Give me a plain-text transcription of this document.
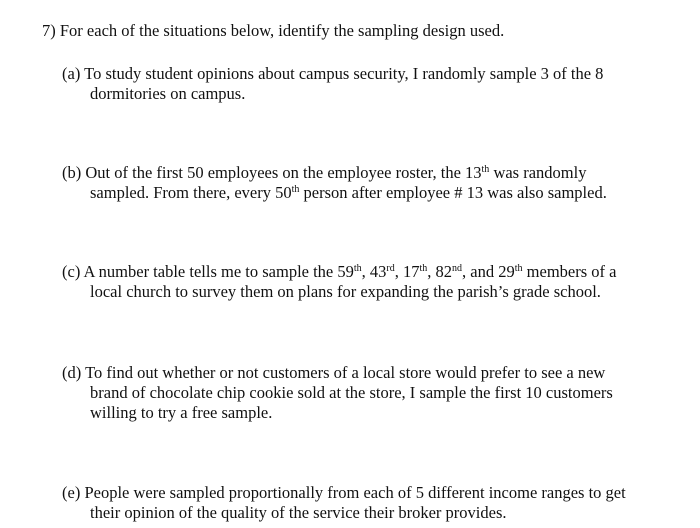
7) For each of the situations below, identify the sampling design used.
(a) To study student opinions about campus security, I randomly sample 3 of the 8
dormitories on campus.
(b) Out of the first 50 employees on the employee roster, the 13th was randomly
sampled. From there, every 50th person after employee # 13 was also sampled.
(c) A number table tells me to sample the 59th, 43rd, 17th, 82nd, and 29th members of a
local church to survey them on plans for expanding the parish’s grade school.
(d) To find out whether or not customers of a local store would prefer to see a new
brand of chocolate chip cookie sold at the store, I sample the first 10 customers
willing to try a free sample.
(e) People were sampled proportionally from each of 5 different income ranges to get
their opinion of the quality of the service their broker provides.
